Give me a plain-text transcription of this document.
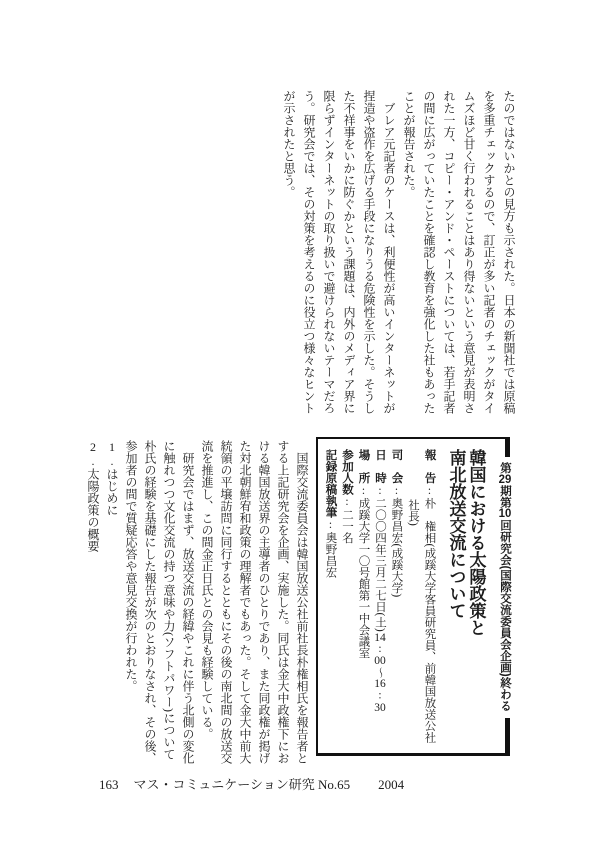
たのではないかとの見方も示された。日本の新聞社では原稿を多重チェックするので、訂正が多い記者のチェックがタイムズほど甘く行われることはあり得ないという意見が表明された一方、コピー・アンド・ペーストについては、若手記者の間に広がっていたことを確認し教育を強化した社もあったことが報告された。

ブレア元記者のケースは、利便性が高いインターネットが捏造や盗作を広げる手段になりうる危険性を示した。そうした不祥事をいかに防ぐかという課題は、内外のメディア界に限らずインターネットの取り扱いで避けられないテーマだろう。研究会では、その対策を考えるのに役立つ様々なヒントが示されたと思う。

韓国における太陽政策と
南北放送交流について

報　告:朴　権相(成蹊大学客員研究員、前韓国放送公社

社長)

司　会:奥野昌宏(成蹊大学)

日　時:二〇〇四年三月二七日(土)14:00〜16:30

場　所:成蹊大学一〇号館第一中会議室

参加人数:二一名

記録原稿執筆:奥野昌宏

第29期第10回研究会(国際交流委員会企画)終わる

国際交流委員会は韓国放送公社前社長朴権相氏を報告者とする上記研究会を企画、実施した。同氏は金大中政権下における韓国放送界の主導者のひとりであり、また同政権が掲げた対北朝鮮宥和政策の理解者でもあった。そして金大中前大統領の平壌訪問に同行するとともにその後の南北間の放送交流を推進し、この間金正日氏との会見も経験している。

研究会ではまず、放送交流の経緯やこれに伴う北側の変化に触れつつ文化交流の持つ意味や力(ソフトパワー)について朴氏の経験を基礎にした報告が次のとおりなされ、その後、参加者の間で質疑応答や意見交換が行われた。

1.はじめに

2.太陽政策の概要

163 マス・コミュニケーション研究 No.65 2004
